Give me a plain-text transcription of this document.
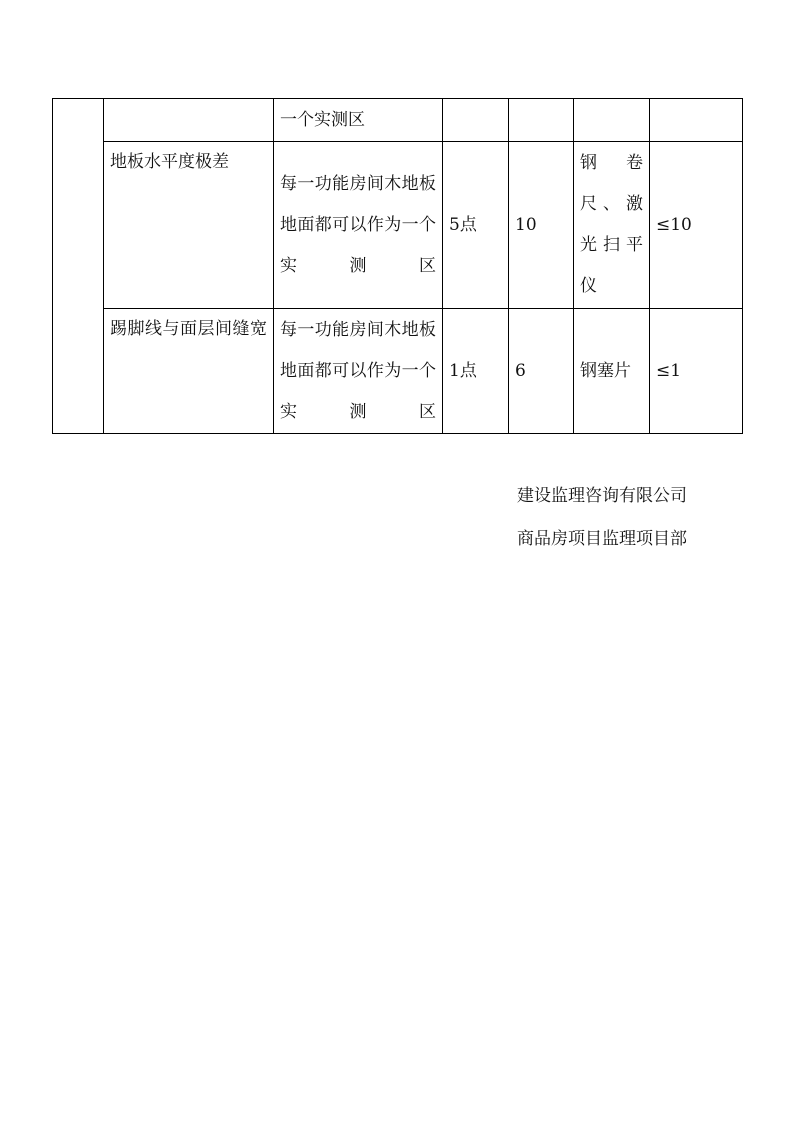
		一个实测区				
	地板水平度极差	每一功能房间木地板地面都可以作为一个实测区	5点	10	钢卷尺、激光扫平仪	≤10
	踢脚线与面层间缝宽	每一功能房间木地板地面都可以作为一个实测区	1点	6	钢塞片	≤1
建设监理咨询有限公司
商品房项目监理项目部
